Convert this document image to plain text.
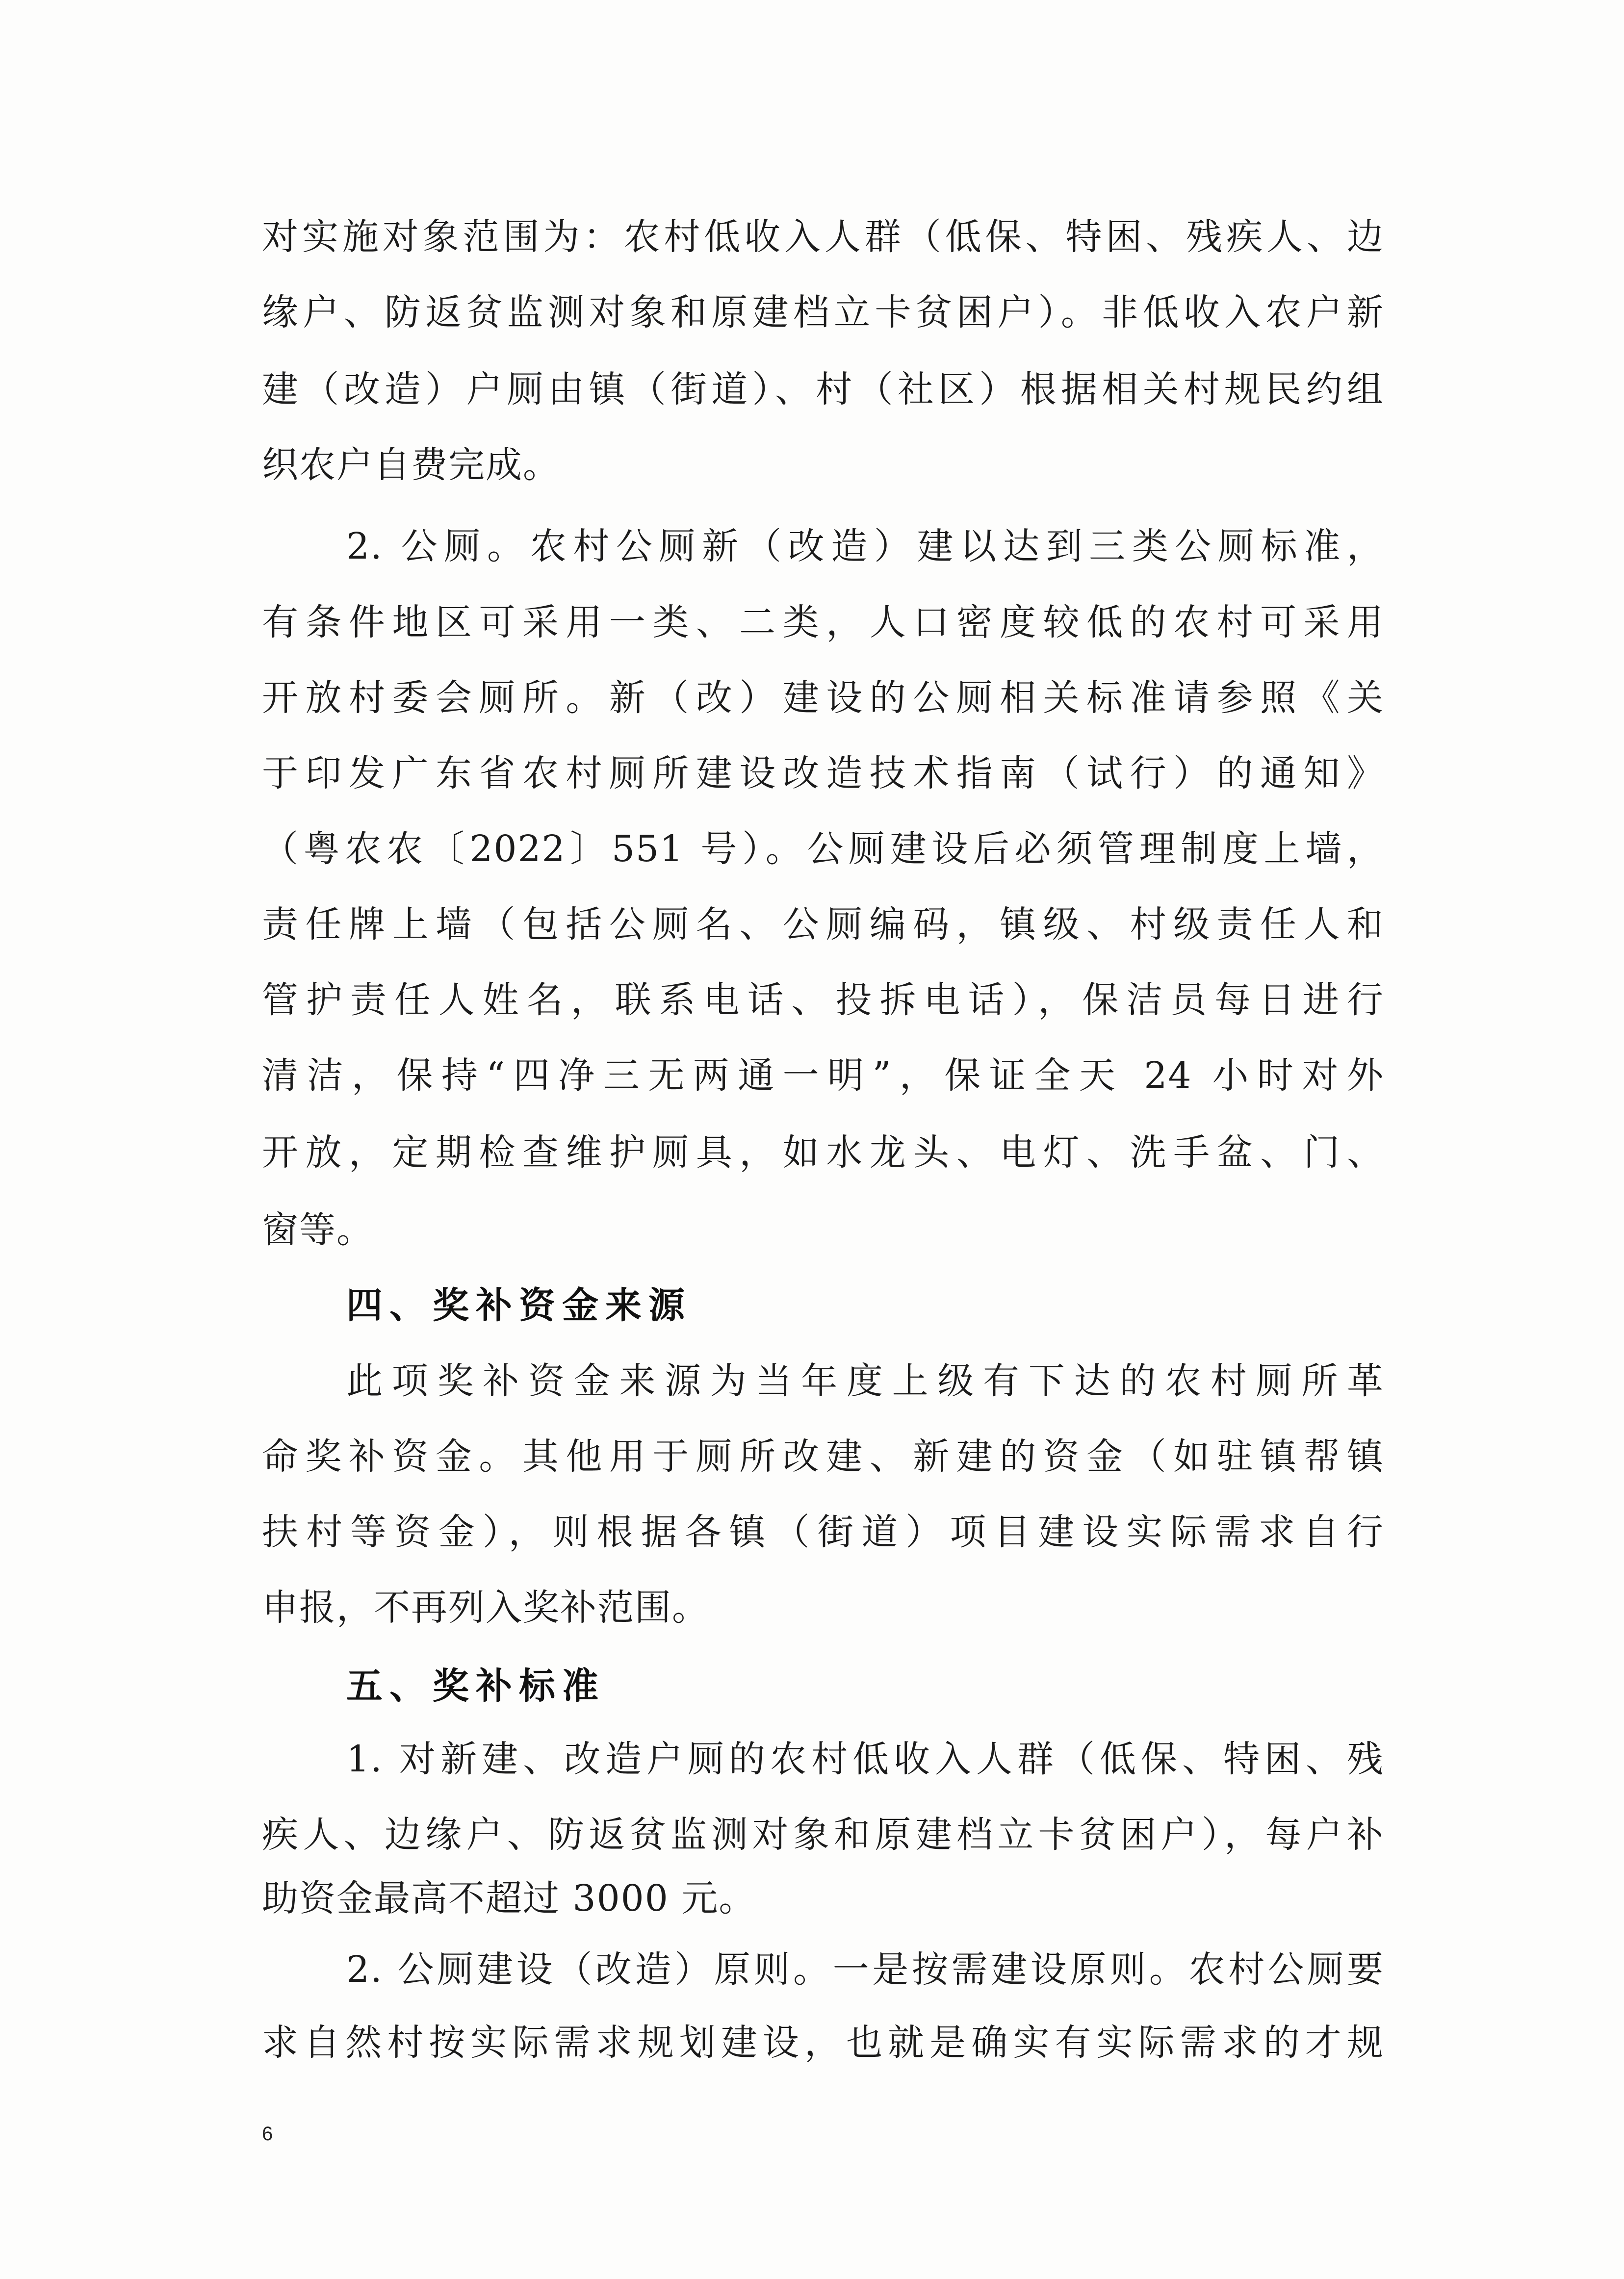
对实施对象范围为：农村低收入人群（低保、特困、残疾人、边
缘户、防返贫监测对象和原建档立卡贫困户）。非低收入农户新
建（改造）户厕由镇（街道）、村（社区）根据相关村规民约组
织农户自费完成。
2. 公厕。农村公厕新（改造）建以达到三类公厕标准，
有条件地区可采用一类、二类，人口密度较低的农村可采用
开放村委会厕所。新（改）建设的公厕相关标准请参照《关
于印发广东省农村厕所建设改造技术指南（试行）的通知》
（粤农农〔2022〕551 号）。公厕建设后必须管理制度上墙，
责任牌上墙（包括公厕名、公厕编码，镇级、村级责任人和
管护责任人姓名，联系电话、投拆电话），保洁员每日进行
清洁，保持“四净三无两通一明”，保证全天 24 小时对外
开放，定期检查维护厕具，如水龙头、电灯、洗手盆、门、
窗等。
四、奖补资金来源
此项奖补资金来源为当年度上级有下达的农村厕所革
命奖补资金。其他用于厕所改建、新建的资金（如驻镇帮镇
扶村等资金），则根据各镇（街道）项目建设实际需求自行
申报，不再列入奖补范围。
五、奖补标准
1. 对新建、改造户厕的农村低收入人群（低保、特困、残
疾人、边缘户、防返贫监测对象和原建档立卡贫困户），每户补
助资金最高不超过 3000 元。
2. 公厕建设（改造）原则。一是按需建设原则。农村公厕要
求自然村按实际需求规划建设，也就是确实有实际需求的才规
6
